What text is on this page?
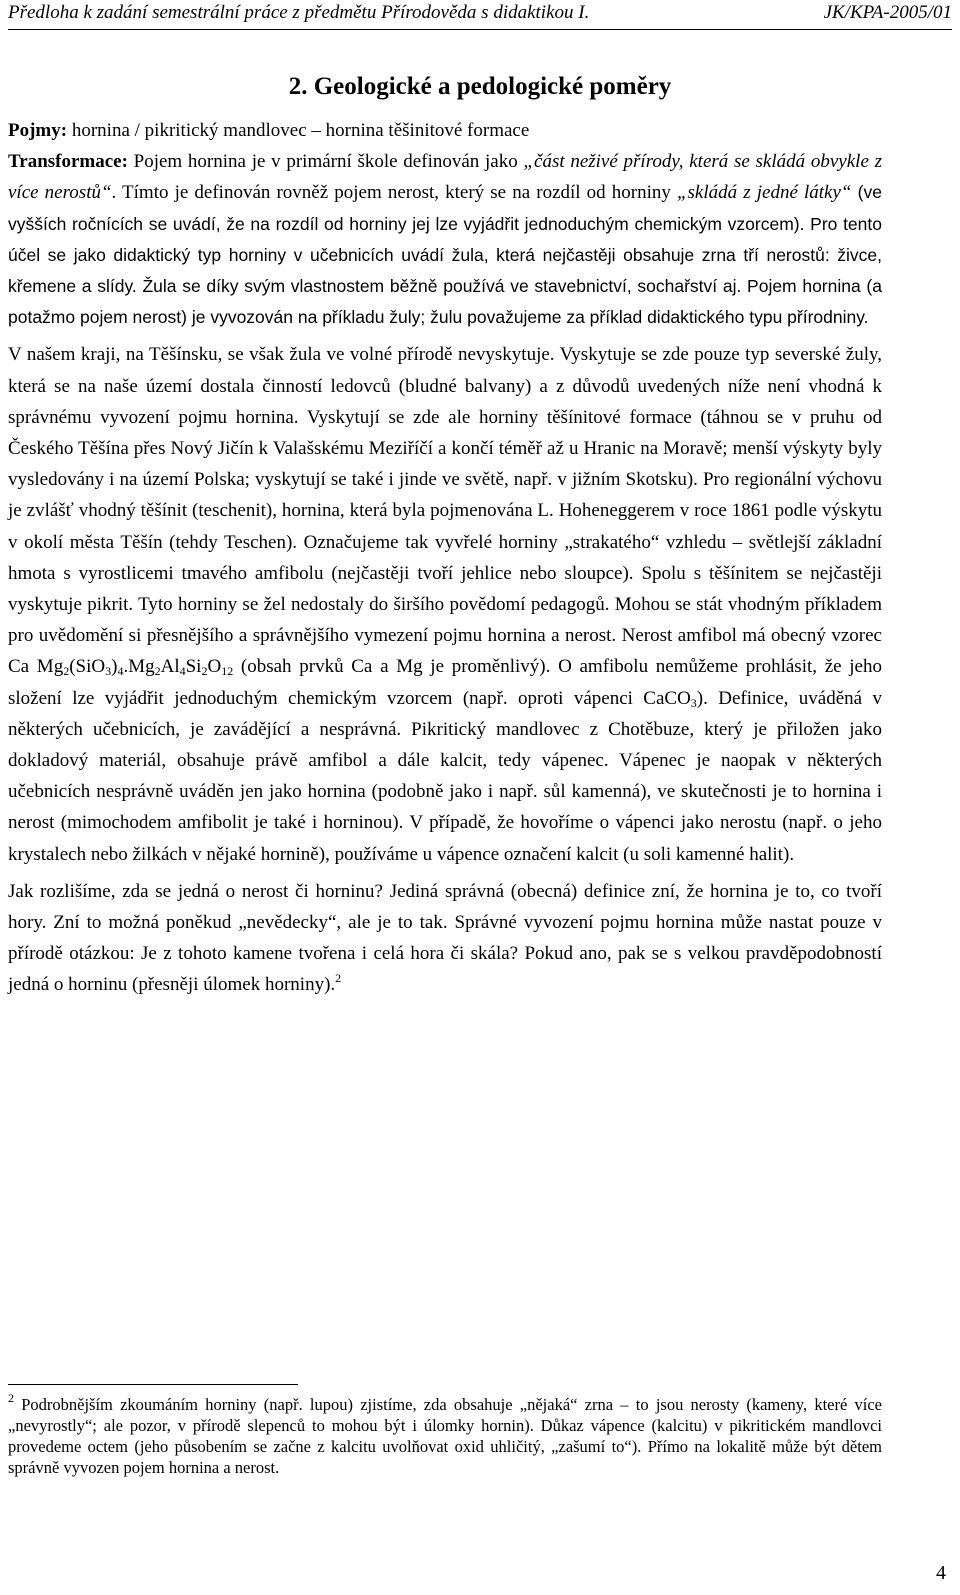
Předloha k zadání semestrální práce z předmětu Přírodověda s didaktikou I.	JK/KPA-2005/01
2. Geologické a pedologické poměry

Pojmy: hornina / pikritický mandlovec – hornina těšinitové formace

Transformace: Pojem hornina je v primární škole definován jako „část neživé přírody, která se skládá obvykle z více nerostů“. Tímto je definován rovněž pojem nerost, který se na rozdíl od horniny „skládá z jedné látky“ (ve vyšších ročnících se uvádí, že na rozdíl od horniny jej lze vyjádřit jednoduchým chemickým vzorcem). Pro tento účel se jako didaktický typ horniny v učebnicích uvádí žula, která nejčastěji obsahuje zrna tří nerostů: živce, křemene a slídy. Žula se díky svým vlastnostem běžně používá ve stavebnictví, sochařství aj. Pojem hornina (a potažmo pojem nerost) je vyvozován na příkladu žuly; žulu považujeme za příklad didaktického typu přírodniny.

V našem kraji, na Těšínsku, se však žula ve volné přírodě nevyskytuje. Vyskytuje se zde pouze typ severské žuly, která se na naše území dostala činností ledovců (bludné balvany) a z důvodů uvedených níže není vhodná k správnému vyvození pojmu hornina. Vyskytují se zde ale horniny těšínitové formace (táhnou se v pruhu od Českého Těšína přes Nový Jičín k Valašskému Meziříčí a končí téměř až u Hranic na Moravě; menší výskyty byly vysledovány i na území Polska; vyskytují se také i jinde ve světě, např. v jižním Skotsku). Pro regionální výchovu je zvlášť vhodný těšínit (teschenit), hornina, která byla pojmenována L. Hoheneggerem v roce 1861 podle výskytu v okolí města Těšín (tehdy Teschen). Označujeme tak vyvřelé horniny „strakatého“ vzhledu – světlejší základní hmota s vyrostlicemi tmavého amfibolu (nejčastěji tvoří jehlice nebo sloupce). Spolu s těšínitem se nejčastěji vyskytuje pikrit. Tyto horniny se žel nedostaly do širšího povědomí pedagogů. Mohou se stát vhodným příkladem pro uvědomění si přesnějšího a správnějšího vymezení pojmu hornina a nerost. Nerost amfibol má obecný vzorec Ca $Mg_2(SiO_3)_4.Mg_2Al_4Si_2O_{12}$ (obsah prvků Ca a Mg je proměnlivý). O amfibolu nemůžeme prohlásit, že jeho složení lze vyjádřit jednoduchým chemickým vzorcem (např. oproti vápenci CaCO$_3$). Definice, uváděná v některých učebnicích, je zavádějící a nesprávná. Pikritický mandlovec z Chotěbuze, který je přiložen jako dokladový materiál, obsahuje právě amfibol a dále kalcit, tedy vápenec. Vápenec je naopak v některých učebnicích nesprávně uváděn jen jako hornina (podobně jako i např. sůl kamenná), ve skutečnosti je to hornina i nerost (mimochodem amfibolit je také i horninou). V případě, že hovoříme o vápenci jako nerostu (např. o jeho krystalech nebo žilkách v nějaké hornině), používáme u vápence označení kalcit (u soli kamenné halit).

Jak rozlišíme, zda se jedná o nerost či horninu? Jediná správná (obecná) definice zní, že hornina je to, co tvoří hory. Zní to možná poněkud „nevědecky“, ale je to tak. Správné vyvození pojmu hornina může nastat pouze v přírodě otázkou: Je z tohoto kamene tvořena i celá hora či skála? Pokud ano, pak se s velkou pravděpodobností jedná o horninu (přesněji úlomek horniny).$^2$

$^2$ Podrobnějším zkoumáním horniny (např. lupou) zjistíme, zda obsahuje „nějaká“ zrna – to jsou nerosty (kameny, které více „nevyrostly“; ale pozor, v přírodě slepenců to mohou být i úlomky hornin). Důkaz vápence (kalcitu) v pikritickém mandlovci provedeme octem (jeho působením se začne z kalcitu uvolňovat oxid uhličitý, „zašumí to“). Přímo na lokalitě může být dětem správně vyvozen pojem hornina a nerost.

4
